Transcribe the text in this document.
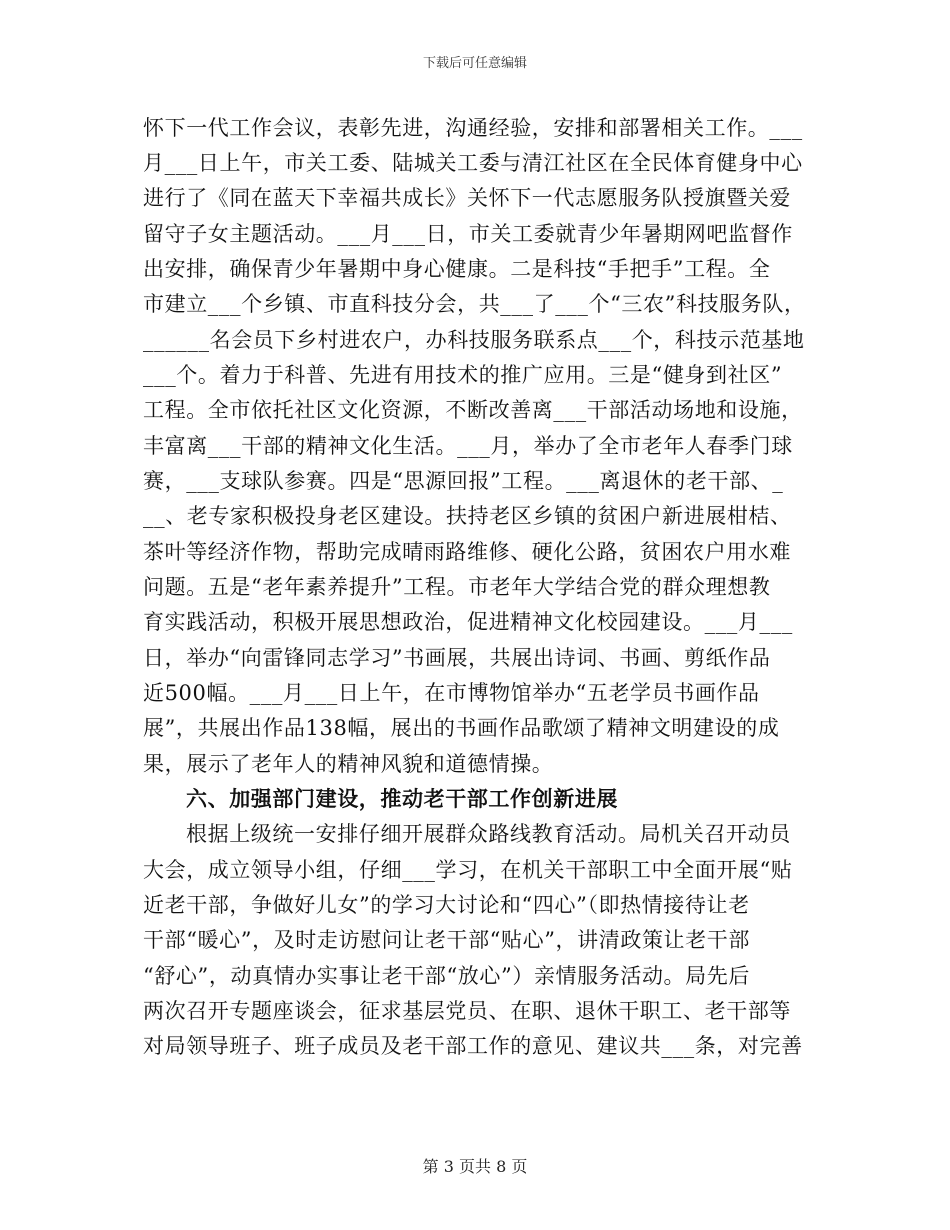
下载后可任意编辑
怀下一代工作会议，表彰先进，沟通经验，安排和部署相关工作。___
月___日上午，市关工委、陆城关工委与清江社区在全民体育健身中心
进行了《同在蓝天下幸福共成长》关怀下一代志愿服务队授旗暨关爱
留守子女主题活动。___月___日，市关工委就青少年暑期网吧监督作
出安排，确保青少年暑期中身心健康。二是科技“手把手”工程。全
市建立___个乡镇、市直科技分会，共___了___个“三农”科技服务队，
______名会员下乡村进农户，办科技服务联系点___个，科技示范基地
___个。着力于科普、先进有用技术的推广应用。三是“健身到社区”
工程。全市依托社区文化资源，不断改善离___干部活动场地和设施，
丰富离___干部的精神文化生活。___月，举办了全市老年人春季门球
赛，___支球队参赛。四是“思源回报”工程。___离退休的老干部、_
__、老专家积极投身老区建设。扶持老区乡镇的贫困户新进展柑桔、
茶叶等经济作物，帮助完成晴雨路维修、硬化公路，贫困农户用水难
问题。五是“老年素养提升”工程。市老年大学结合党的群众理想教
育实践活动，积极开展思想政治，促进精神文化校园建设。___月___
日，举办“向雷锋同志学习”书画展，共展出诗词、书画、剪纸作品
近500幅。___月___日上午，在市博物馆举办“五老学员书画作品
展”，共展出作品138幅，展出的书画作品歌颂了精神文明建设的成
果，展示了老年人的精神风貌和道德情操。
六、加强部门建设，推动老干部工作创新进展
根据上级统一安排仔细开展群众路线教育活动。局机关召开动员
大会，成立领导小组，仔细___学习，在机关干部职工中全面开展“贴
近老干部，争做好儿女”的学习大讨论和“四心”（即热情接待让老
干部“暖心”，及时走访慰问让老干部“贴心”，讲清政策让老干部
“舒心”，动真情办实事让老干部“放心”）亲情服务活动。局先后
两次召开专题座谈会，征求基层党员、在职、退休干职工、老干部等
对局领导班子、班子成员及老干部工作的意见、建议共___条，对完善
第 3 页共 8 页
